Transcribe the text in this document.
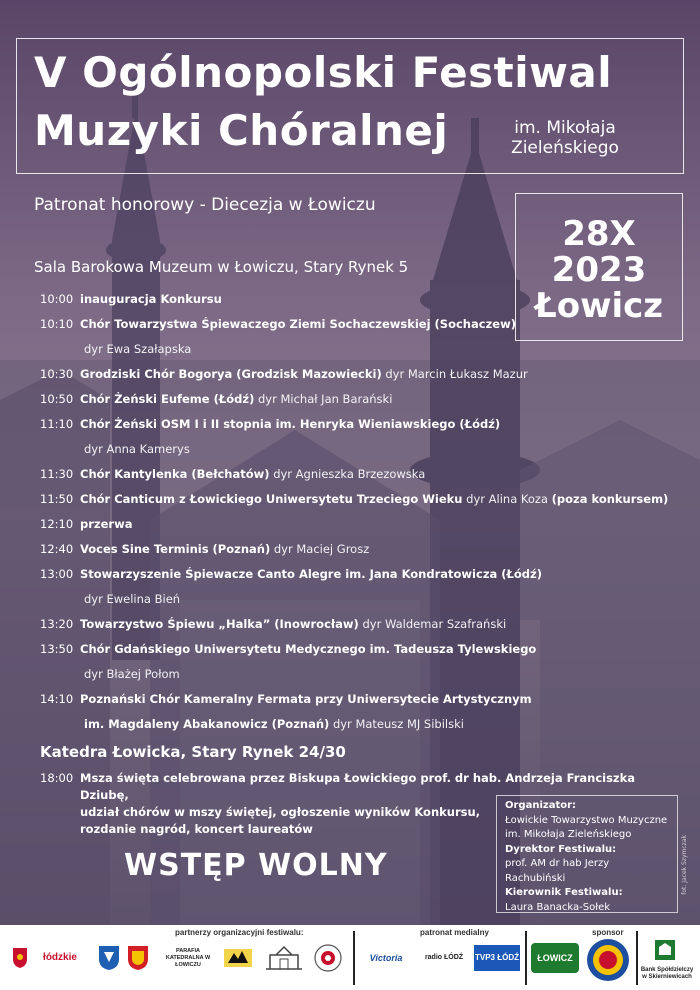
V Ogólnopolski Festiwal
Muzyki Chóralnej	im. Mikołaja
Zieleńskiego
Patronat honorowy - Diecezja w Łowiczu
28X
2023
Łowicz
Sala Barokowa Muzeum w Łowiczu, Stary Rynek 5
10:00 inauguracja Konkursu
10:10 Chór Towarzystwa Śpiewaczego Ziemi Sochaczewskiej (Sochaczew)
dyr Ewa Szałapska
10:30 Grodziski Chór Bogorya (Grodzisk Mazowiecki) dyr Marcin Łukasz Mazur
10:50 Chór Żeński Eufeme (Łódź) dyr Michał Jan Barański
11:10 Chór Żeński OSM I i II stopnia im. Henryka Wieniawskiego (Łódź)
dyr Anna Kamerys
11:30 Chór Kantylenka (Bełchatów) dyr Agnieszka Brzezowska
11:50 Chór Canticum z Łowickiego Uniwersytetu Trzeciego Wieku dyr Alina Koza (poza konkursem)
12:10 przerwa
12:40 Voces Sine Terminis (Poznań) dyr Maciej Grosz
13:00 Stowarzyszenie Śpiewacze Canto Alegre im. Jana Kondratowicza (Łódź)
dyr Ewelina Bień
13:20 Towarzystwo Śpiewu „Halka” (Inowrocław) dyr Waldemar Szafrański
13:50 Chór Gdańskiego Uniwersytetu Medycznego im. Tadeusza Tylewskiego
dyr Błażej Połom
14:10 Poznański Chór Kameralny Fermata przy Uniwersytecie Artystycznym
im. Magdaleny Abakanowicz (Poznań) dyr Mateusz MJ Sibilski
Katedra Łowicka, Stary Rynek 24/30
18:00 Msza święta celebrowana przez Biskupa Łowickiego prof. dr hab. Andrzeja Franciszka Dziubę,
udział chórów w mszy świętej, ogłoszenie wyników Konkursu,
rozdanie nagród, koncert laureatów
WSTĘP WOLNY
Organizator:
Łowickie Towarzystwo Muzyczne
im. Mikołaja Zieleńskiego
Dyrektor Festiwalu:
prof. AM dr hab Jerzy Rachubiński
Kierownik Festiwalu:
Laura Banacka-Sołek
fot. Jacek Szymczak
partnerzy organizacyjni festiwalu:	patronat medialny	sponsor
łódzkie
PARAFIA KATEDRALNA W ŁOWICZU
Victoria	radio ŁÓDŹ TVP3 ŁÓDŹ ŁOWICZ
Bank Spółdzielczy w Skierniewicach
